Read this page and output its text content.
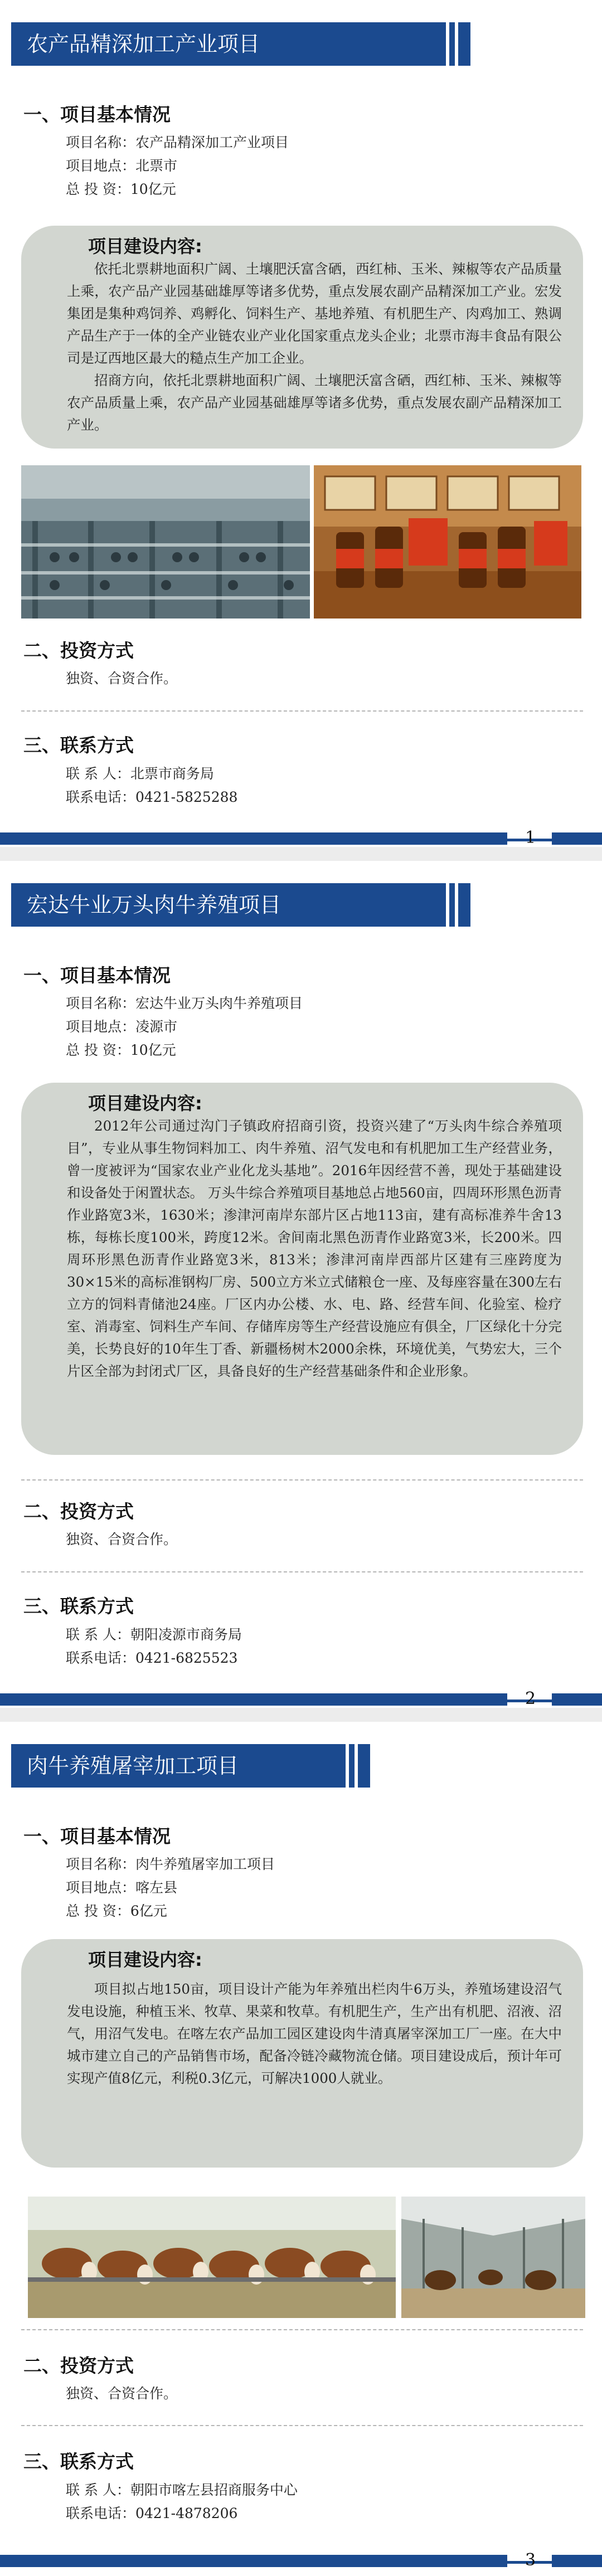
农产品精深加工产业项目
一、项目基本情况
项目名称：农产品精深加工产业项目
项目地点：北票市
总 投 资：10亿元
项目建设内容:

依托北票耕地面积广阔、土壤肥沃富含硒，西红柿、玉米、辣椒等农产品质量上乘，农产品产业园基础雄厚等诸多优势，重点发展农副产品精深加工产业。宏发集团是集种鸡饲养、鸡孵化、饲料生产、基地养殖、有机肥生产、肉鸡加工、熟调产品生产于一体的全产业链农业产业化国家重点龙头企业；北票市海丰食品有限公司是辽西地区最大的糙点生产加工企业。

招商方向，依托北票耕地面积广阔、土壤肥沃富含硒，西红柿、玉米、辣椒等农产品质量上乘，农产品产业园基础雄厚等诸多优势，重点发展农副产品精深加工产业。

二、投资方式
独资、合资合作。
三、联系方式
联 系 人：北票市商务局
联系电话：0421-5825288
1
宏达牛业万头肉牛养殖项目
一、项目基本情况
项目名称：宏达牛业万头肉牛养殖项目
项目地点：凌源市
总 投 资：10亿元
项目建设内容:

2012年公司通过沟门子镇政府招商引资，投资兴建了“万头肉牛综合养殖项目”，专业从事生物饲料加工、肉牛养殖、沼气发电和有机肥加工生产经营业务，曾一度被评为“国家农业产业化龙头基地”。2016年因经营不善，现处于基础建设和设备处于闲置状态。 万头牛综合养殖项目基地总占地560亩，四周环形黑色沥青作业路宽3米，1630米；渗津河南岸东部片区占地113亩，建有高标准养牛舍13栋，每栋长度100米，跨度12米。舍间南北黑色沥青作业路宽3米，长200米。四周环形黑色沥青作业路宽3米，813米；渗津河南岸西部片区建有三座跨度为30×15米的高标准钢构厂房、500立方米立式储粮仓一座、及每座容量在300左右立方的饲料青储池24座。厂区内办公楼、水、电、路、经营车间、化验室、检疗室、消毒室、饲料生产车间、存储库房等生产经营设施应有俱全，厂区绿化十分完美，长势良好的10年生丁香、新疆杨树木2000余株，环境优美，气势宏大，三个片区全部为封闭式厂区，具备良好的生产经营基础条件和企业形象。

二、投资方式
独资、合资合作。
三、联系方式
联 系 人：朝阳凌源市商务局
联系电话：0421-6825523
2
肉牛养殖屠宰加工项目
一、项目基本情况
项目名称：肉牛养殖屠宰加工项目
项目地点：喀左县
总 投 资：6亿元
项目建设内容:

项目拟占地150亩，项目设计产能为年养殖出栏肉牛6万头，养殖场建设沼气发电设施，种植玉米、牧草、果菜和牧草。有机肥生产，生产出有机肥、沼液、沼气，用沼气发电。在喀左农产品加工园区建设肉牛清真屠宰深加工厂一座。在大中城市建立自己的产品销售市场，配备冷链冷藏物流仓储。项目建设成后，预计年可实现产值8亿元，利税0.3亿元，可解决1000人就业。

二、投资方式
独资、合资合作。
三、联系方式
联 系 人：朝阳市喀左县招商服务中心
联系电话：0421-4878206
3
